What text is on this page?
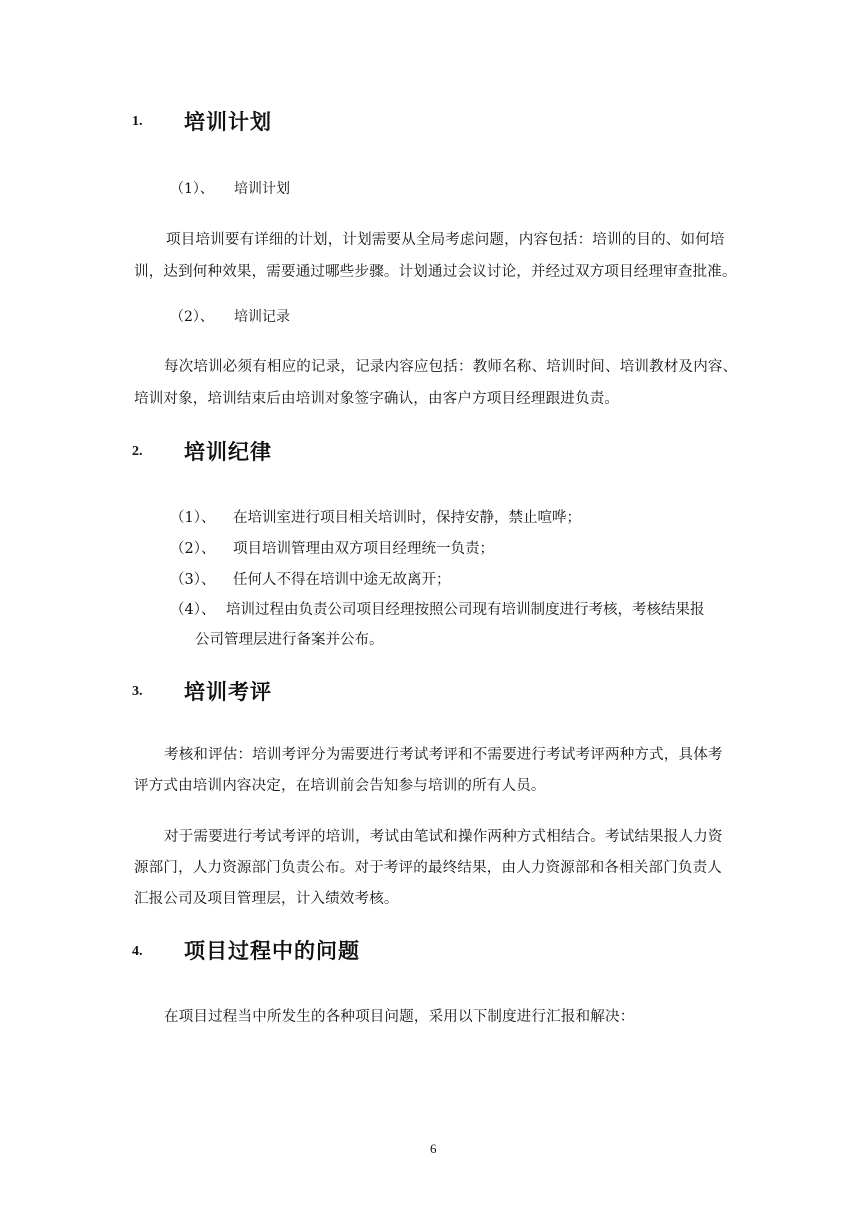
1. 培训计划
（1）、 培训计划
项目培训要有详细的计划，计划需要从全局考虑问题，内容包括：培训的目的、如何培
训，达到何种效果，需要通过哪些步骤。计划通过会议讨论，并经过双方项目经理审查批准。
（2）、 培训记录
每次培训必须有相应的记录，记录内容应包括：教师名称、培训时间、培训教材及内容、
培训对象，培训结束后由培训对象签字确认，由客户方项目经理跟进负责。
2. 培训纪律
（1）、 在培训室进行项目相关培训时，保持安静，禁止喧哗；
（2）、 项目培训管理由双方项目经理统一负责；
（3）、 任何人不得在培训中途无故离开；
（4）、 培训过程由负责公司项目经理按照公司现有培训制度进行考核，考核结果报
公司管理层进行备案并公布。
3. 培训考评
考核和评估：培训考评分为需要进行考试考评和不需要进行考试考评两种方式，具体考
评方式由培训内容决定，在培训前会告知参与培训的所有人员。
对于需要进行考试考评的培训，考试由笔试和操作两种方式相结合。考试结果报人力资
源部门，人力资源部门负责公布。对于考评的最终结果，由人力资源部和各相关部门负责人
汇报公司及项目管理层，计入绩效考核。
4. 项目过程中的问题
在项目过程当中所发生的各种项目问题，采用以下制度进行汇报和解决：
6
